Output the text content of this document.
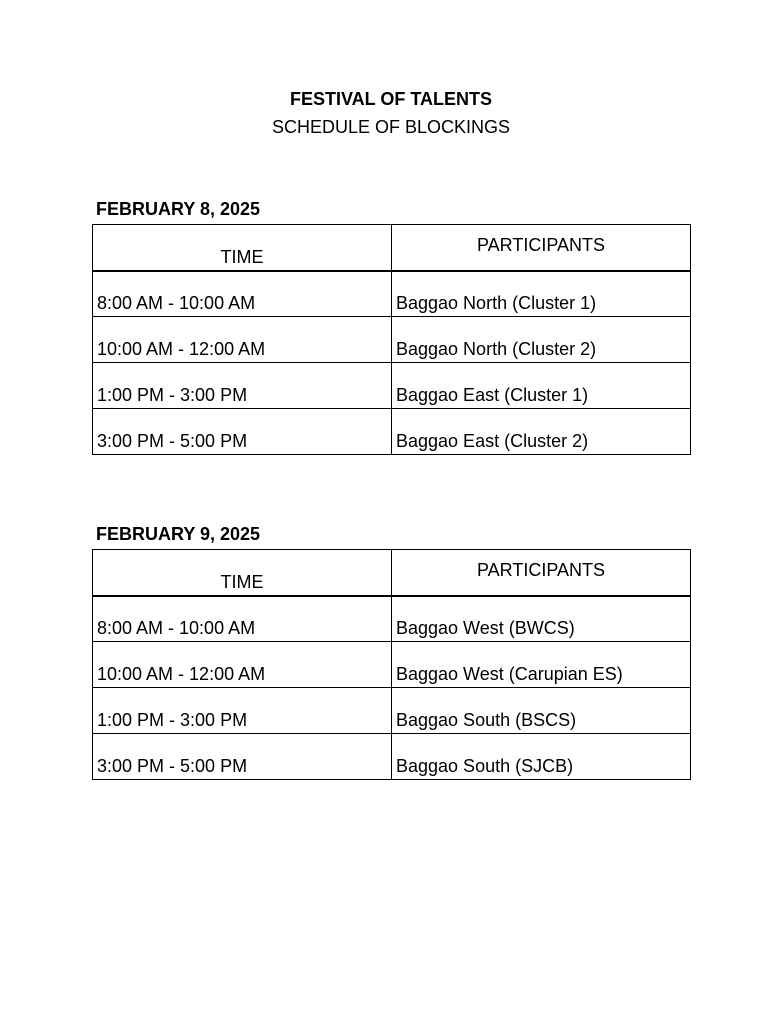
FESTIVAL OF TALENTS
SCHEDULE OF BLOCKINGS
FEBRUARY 8, 2025
TIME	PARTICIPANTS
8:00 AM - 10:00 AM	Baggao North (Cluster 1)
10:00 AM - 12:00 AM	Baggao North (Cluster 2)
1:00 PM - 3:00 PM	Baggao East (Cluster 1)
3:00 PM - 5:00 PM	Baggao East (Cluster 2)
FEBRUARY 9, 2025
TIME	PARTICIPANTS
8:00 AM - 10:00 AM	Baggao West (BWCS)
10:00 AM - 12:00 AM	Baggao West (Carupian ES)
1:00 PM - 3:00 PM	Baggao South (BSCS)
3:00 PM - 5:00 PM	Baggao South (SJCB)
